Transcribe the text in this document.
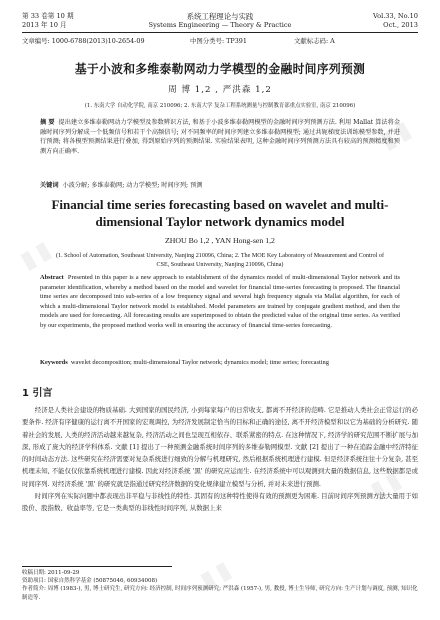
第 33 卷第 10 期
2013 年 10 月
系统工程理论与实践
Systems Engineering — Theory & Practice
Vol.33, No.10
Oct., 2013
文章编号: 1000-6788(2013)10-2654-09	中图分类号: TP391	文献标志码: A
基于小波和多维泰勒网动力学模型的金融时间序列预测
周 博 1,2 , 严洪森 1,2
(1. 东南大学 自动化学院, 南京 210096; 2. 东南大学 复杂工程系统测量与控制教育部重点实验室, 南京 210096)
摘 要 提出建立多维泰勒网动力学模型及参数辨识方法, 和基于小波多维泰勒网模型的金融时间序列预测方法. 利用 Mallat 算法将金融时间序列分解成一个低频信号和若干个高频信号; 对不同频率的时间序列建立多维泰勒网模型; 通过共轭梯度法训练模型参数, 并进行预测; 将各模型预测结果进行叠加, 得到原始序列的预测结果. 实验结果表明, 这种金融时间序列预测方法具有较高的预测精度和预测方向正确率.
关键词 小波分解; 多维泰勒网; 动力学模型; 时间序列; 预测
Financial time series forecasting based on wavelet and multi-dimensional Taylor network dynamics model
ZHOU Bo 1,2 , YAN Hong-sen 1,2
(1. School of Automation, Southeast University, Nanjing 210096, China; 2. The MOE Key Laboratory of Measurement and Control of CSE, Southeast University, Nanjing 210096, China)
Abstract Presented in this paper is a new approach to establishment of the dynamics model of multi-dimensional Taylor network and its parameter identification, whereby a method based on the model and wavelet for financial time-series forecasting is proposed. The financial time series are decomposed into sub-series of a low frequency signal and several high frequency signals via Mallat algorithm, for each of which a multi-dimensional Taylor network model is established. Model parameters are trained by conjugate gradient method, and then the models are used for forecasting. All forecasting results are superimposed to obtain the predicted value of the original time series. As verified by our experiments, the proposed method works well in ensuring the accuracy of financial time-series forecasting.
Keywords wavelet decomposition; multi-dimensional Taylor network; dynamics model; time series; forecasting
1 引言

经济是人类社会建设的物质基础. 大到国家的国民经济, 小到每家每户的日常收支, 都离不开经济的范畴. 它是推动人类社会正常运行的必要条件. 经济有序健康的运行离不开国家的宏观调控, 为经济发展制定恰当的目标和正确的途径, 离不开经济模型和以它为基础的分析研究. 随着社会的发展, 人类的经济活动越来越复杂, 经济活动之间也呈现互相依存、联系紧密的特点. 在这种情况下, 经济学的研究范围不断扩展与加深, 形成了庞大的经济学科体系. 文献 [1] 提出了一种预测金融系统时间序列的多维泰勒网模型. 文献 [2] 提出了一种在追踪金融中经济特征的时间动态方法. 这些研究在经济需要对复杂系统进行细致的分解与机理研究, 然后根据系统机理进行建模. 但是经济系统往往十分复杂, 甚至机理未知, 不能仅仅依靠系统机理进行建模. 因此对经济系统 '黑' 的研究应运而生. 在经济系统中可以观测到大量的数据信息, 这些数据都是或时间序列. 对经济系统 '黑' 的研究就是指通过研究经济数据的变化规律建立模型与分析, 并对未来进行预测.

时间序列在实际问题中都表现出非平稳与非线性的特性. 其固有的这种特性使得有效的预测更为困难. 目前时间序列预测方法大量用于如股价、股指数、收益率等, 它是一类典型的非线性时间序列, 从数据上来

收稿日期: 2011-09-29
资助项目: 国家自然科学基金 (50875046, 60934008)
作者简介: 周博 (1983-), 男, 博士研究生, 研究方向: 经济控制, 时间序列预测研究; 严洪森 (1957-), 男, 教授, 博士生导师, 研究方向: 生产计划与调度, 预测, 知识化制造等.
▮▮
▮▮
▮▮
▮▮
